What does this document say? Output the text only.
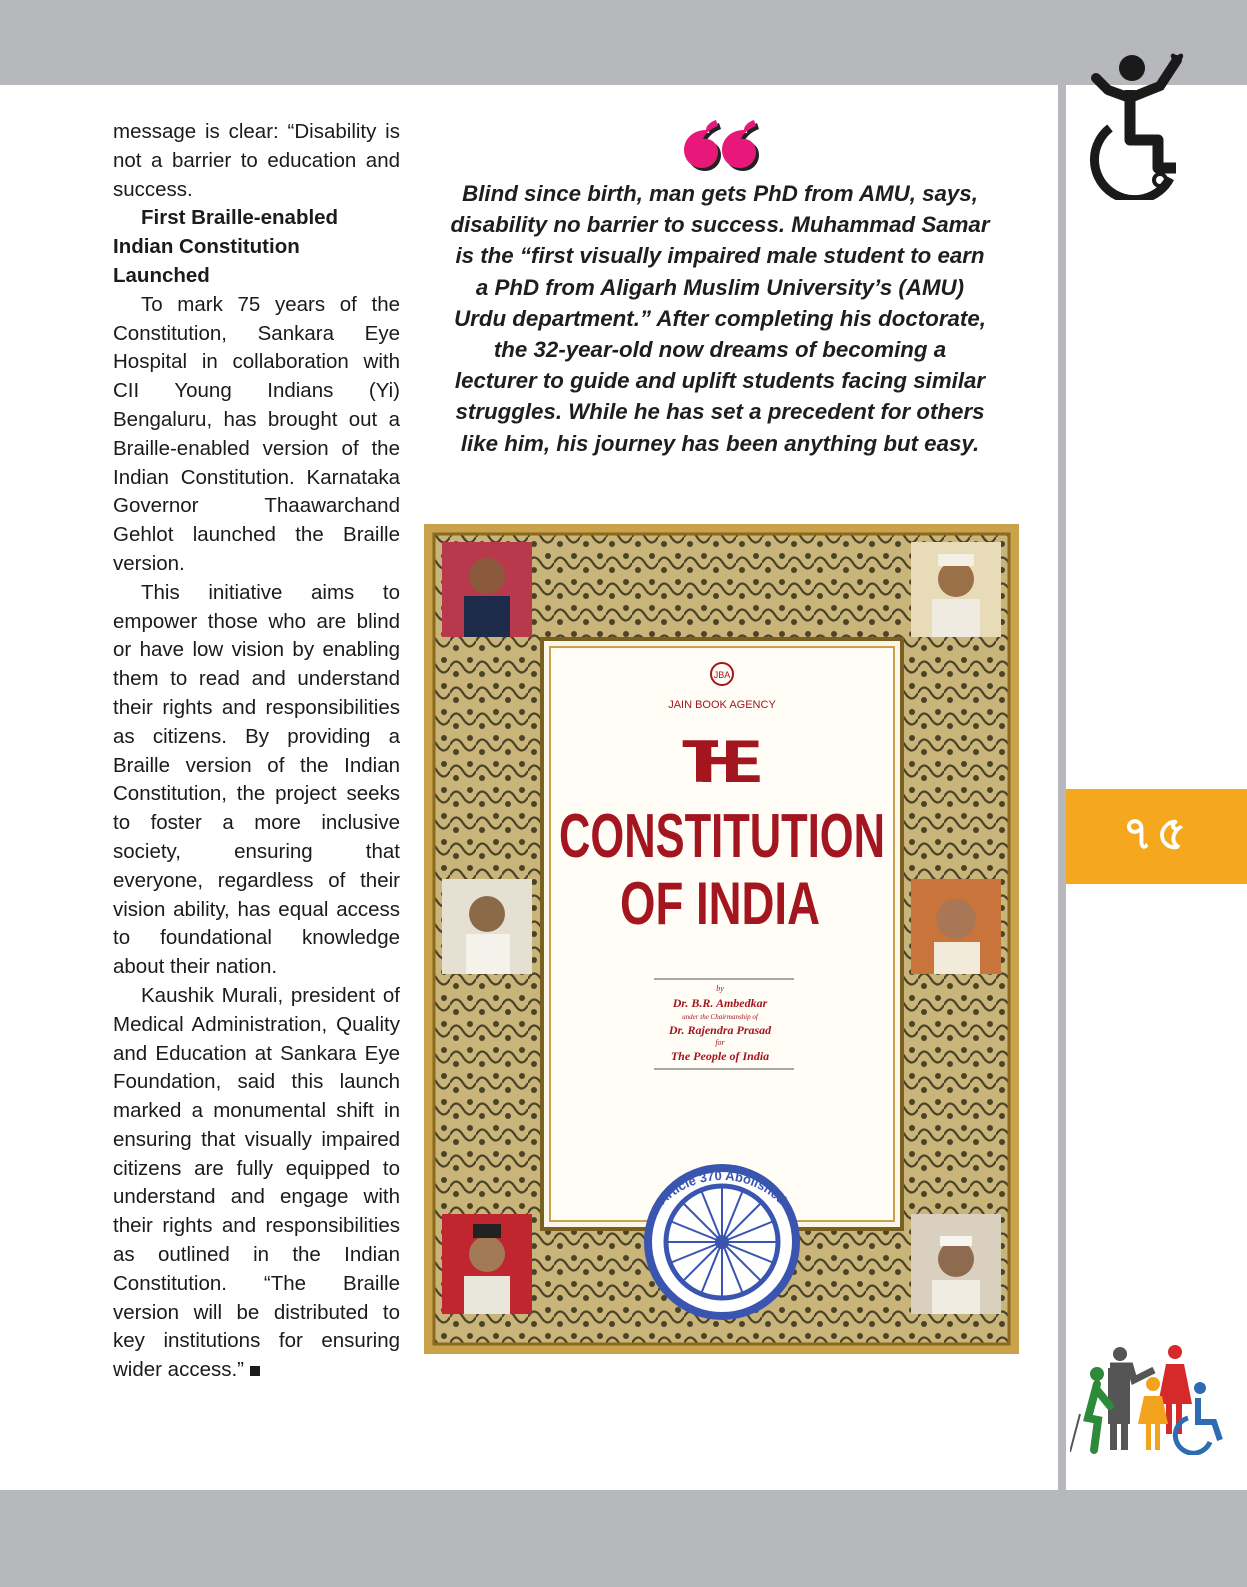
৭৫

message is clear: “Disability is not a barrier to education and success.

First Braille-enabled Indian Constitution Launched

To mark 75 years of the Constitution, Sankara Eye Hospital in collaboration with CII Young Indians (Yi) Bengaluru, has brought out a Braille-enabled version of the Indian Constitution. Karnataka Governor Thaawarchand Gehlot launched the Braille version.

This initiative aims to empower those who are blind or have low vision by enabling them to read and understand their rights and responsibilities as citizens. By providing a Braille version of the Indian Constitution, the project seeks to foster a more inclusive society, ensuring that everyone, regardless of their vision ability, has equal access to foundational knowledge about their nation.

Kaushik Murali, president of Medical Administration, Quality and Education at Sankara Eye Foundation, said this launch marked a monumental shift in ensuring that visually impaired citizens are fully equipped to understand and engage with their rights and responsibilities as outlined in the Indian Constitution. “The Braille version will be distributed to key institutions for ensuring wider access.”

Blind since birth, man gets PhD from AMU, says, disability no barrier to success. Muhammad Samar is the “first visually impaired male student to earn a PhD from Aligarh Muslim University’s (AMU) Urdu department.” After completing his doctorate, the 32-year-old now dreams of becoming a lecturer to guide and uplift students facing similar struggles. While he has set a precedent for others like him, his journey has been anything but easy.
JBA
JAIN BOOK AGENCY
THE
CONSTITUTION
OF INDIA
by
Dr. B.R. Ambedkar
under the Chairmanship of
Dr. Rajendra Prasad
for
The People of India
Article 370 Abolished
